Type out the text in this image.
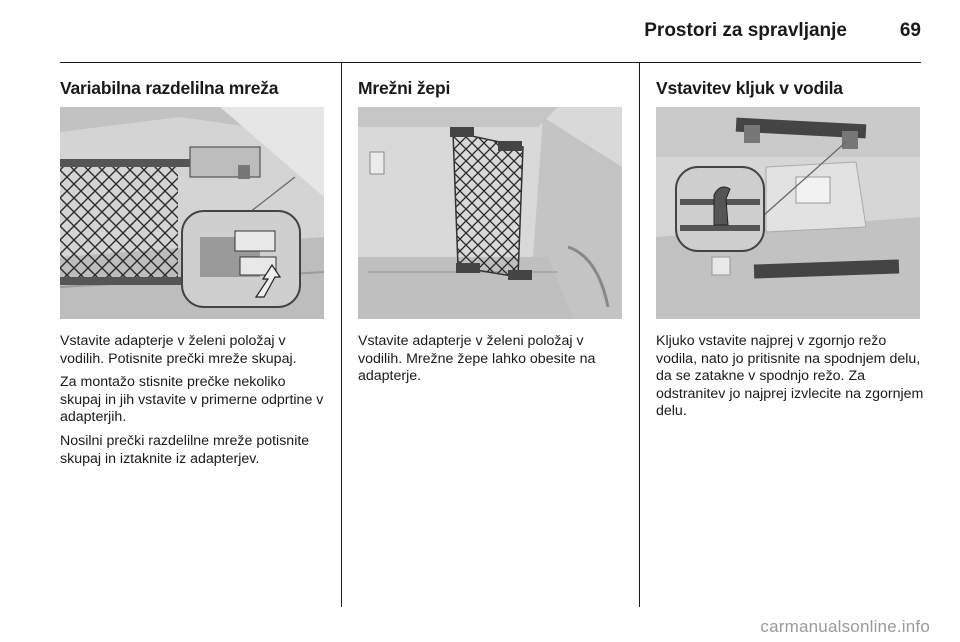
Prostori za spravljanje	69
Variabilna razdelilna mreža

Vstavite adapterje v želeni položaj v vodilih. Potisnite prečki mreže skupaj.

Za montažo stisnite prečke nekoliko skupaj in jih vstavite v primerne odprtine v adapterjih.

Nosilni prečki razdelilne mreže potisnite skupaj in iztaknite iz adapterjev.

Mrežni žepi

Vstavite adapterje v želeni položaj v vodilih. Mrežne žepe lahko obesite na adapterje.

Vstavitev kljuk v vodila

Kljuko vstavite najprej v zgornjo režo vodila, nato jo pritisnite na spodnjem delu, da se zatakne v spodnjo režo. Za odstranitev jo najprej izvlecite na zgornjem delu.

carmanualsonline.info
